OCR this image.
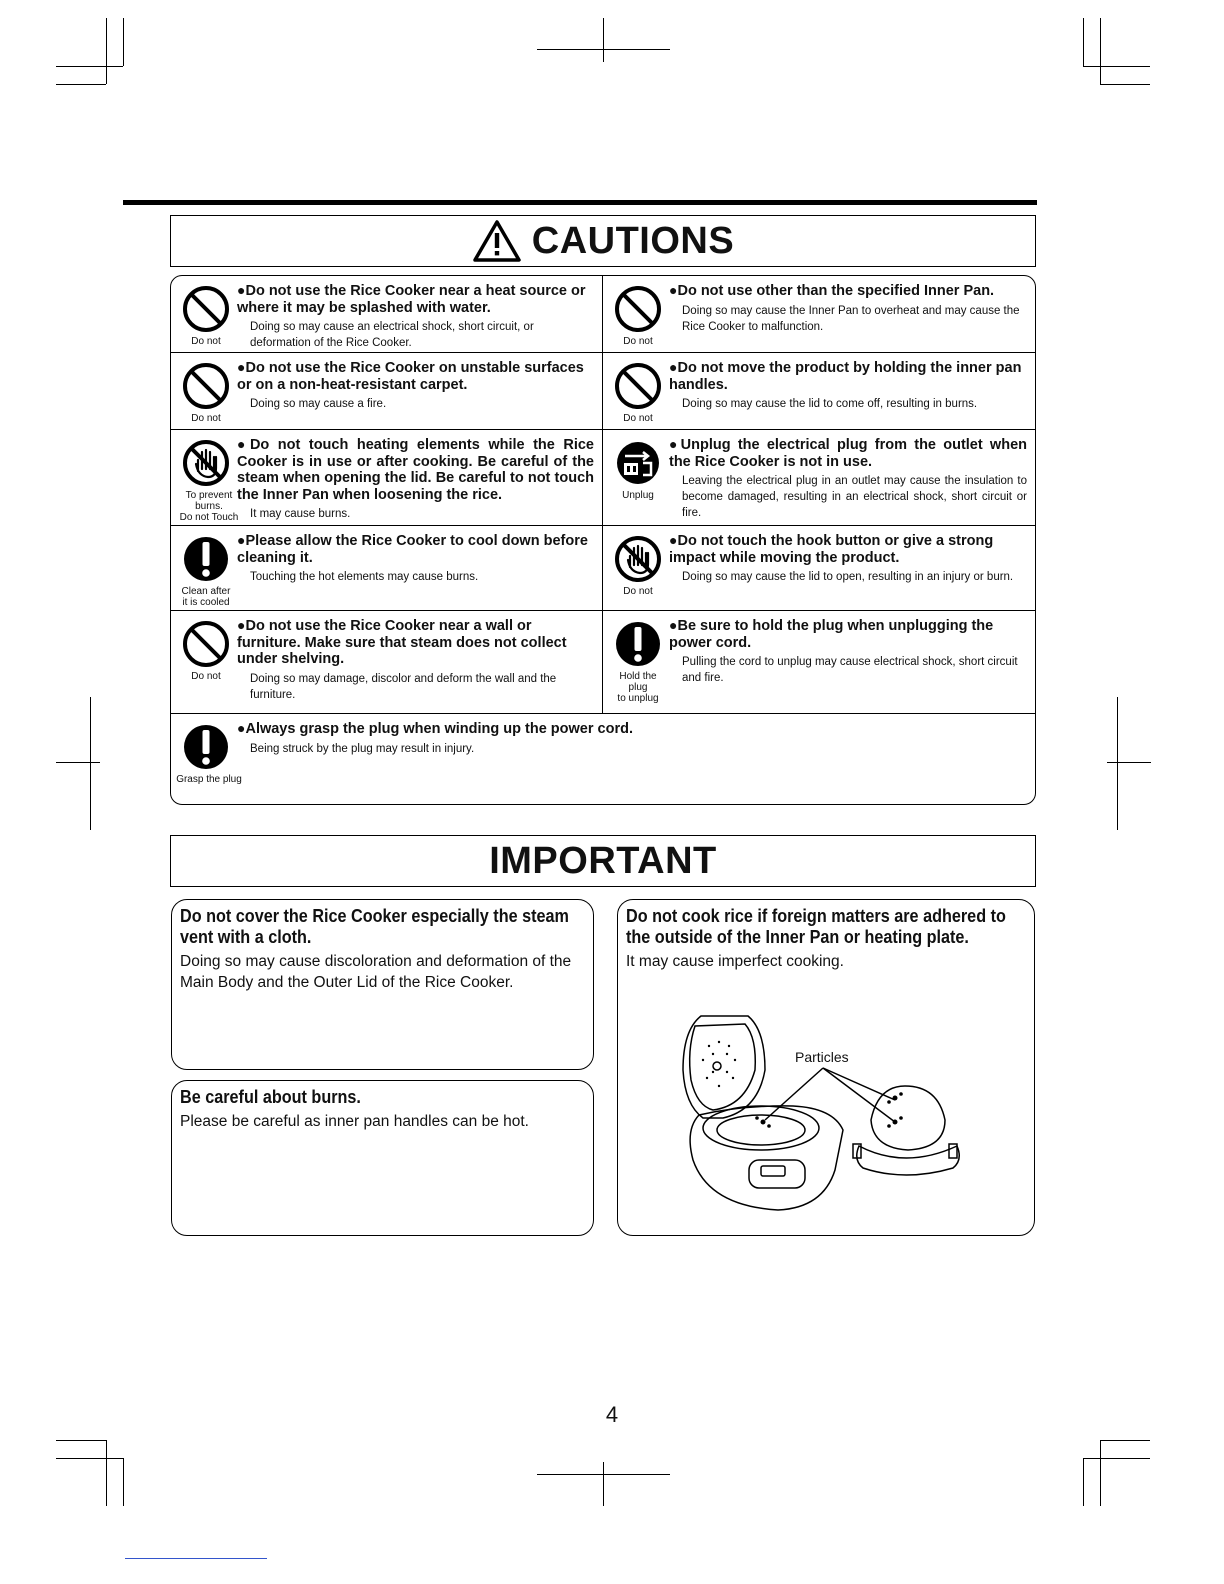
CAUTIONS
Do not
●Do not use the Rice Cooker near a heat source or where it may be splashed with water.
Doing so may cause an electrical shock, short circuit, or deformation of the Rice Cooker.	Do not
●Do not use other than the specified Inner Pan.
Doing so may cause the Inner Pan to overheat and may cause the Rice Cooker to malfunction.
Do not
●Do not use the Rice Cooker on unstable surfaces or on a non-heat-resistant carpet.
Doing so may cause a fire.
Do not
●Do not move the product by holding the inner pan handles.
Doing so may cause the lid to come off, resulting in burns.
To prevent burns.
Do not Touch
●Do not touch heating elements while the Rice Cooker is in use or after cooking. Be careful of the steam when opening the lid. Be careful to not touch the Inner Pan when loosening the rice.
It may cause burns.
Unplug
●Unplug the electrical plug from the outlet when the Rice Cooker is not in use.
Leaving the electrical plug in an outlet may cause the insulation to become damaged, resulting in an electrical shock, short circuit or fire.
Clean after
it is cooled
●Please allow the Rice Cooker to cool down before cleaning it.
Touching the hot elements may cause burns.
Do not
●Do not touch the hook button or give a strong impact while moving the product.
Doing so may cause the lid to open, resulting in an injury or burn.
Do not
●Do not use the Rice Cooker near a wall or furniture. Make sure that steam does not collect under shelving.
Doing so may damage, discolor and deform the wall and the furniture.
Hold the plug
to unplug
●Be sure to hold the plug when unplugging the power cord.
Pulling the cord to unplug may cause electrical shock, short circuit and fire.
Grasp the plug
●Always grasp the plug when winding up the power cord.
Being struck by the plug may result in injury.
IMPORTANT
Do not cover the Rice Cooker especially the steam vent with a cloth.
Doing so may cause discoloration and deformation of the Main Body and the Outer Lid of the Rice Cooker.
Be careful about burns.
Please be careful as inner pan handles can be hot.
Do not cook rice if foreign matters are adhered to the outside of the Inner Pan or heating plate.
It may cause imperfect cooking.
Particles
4
